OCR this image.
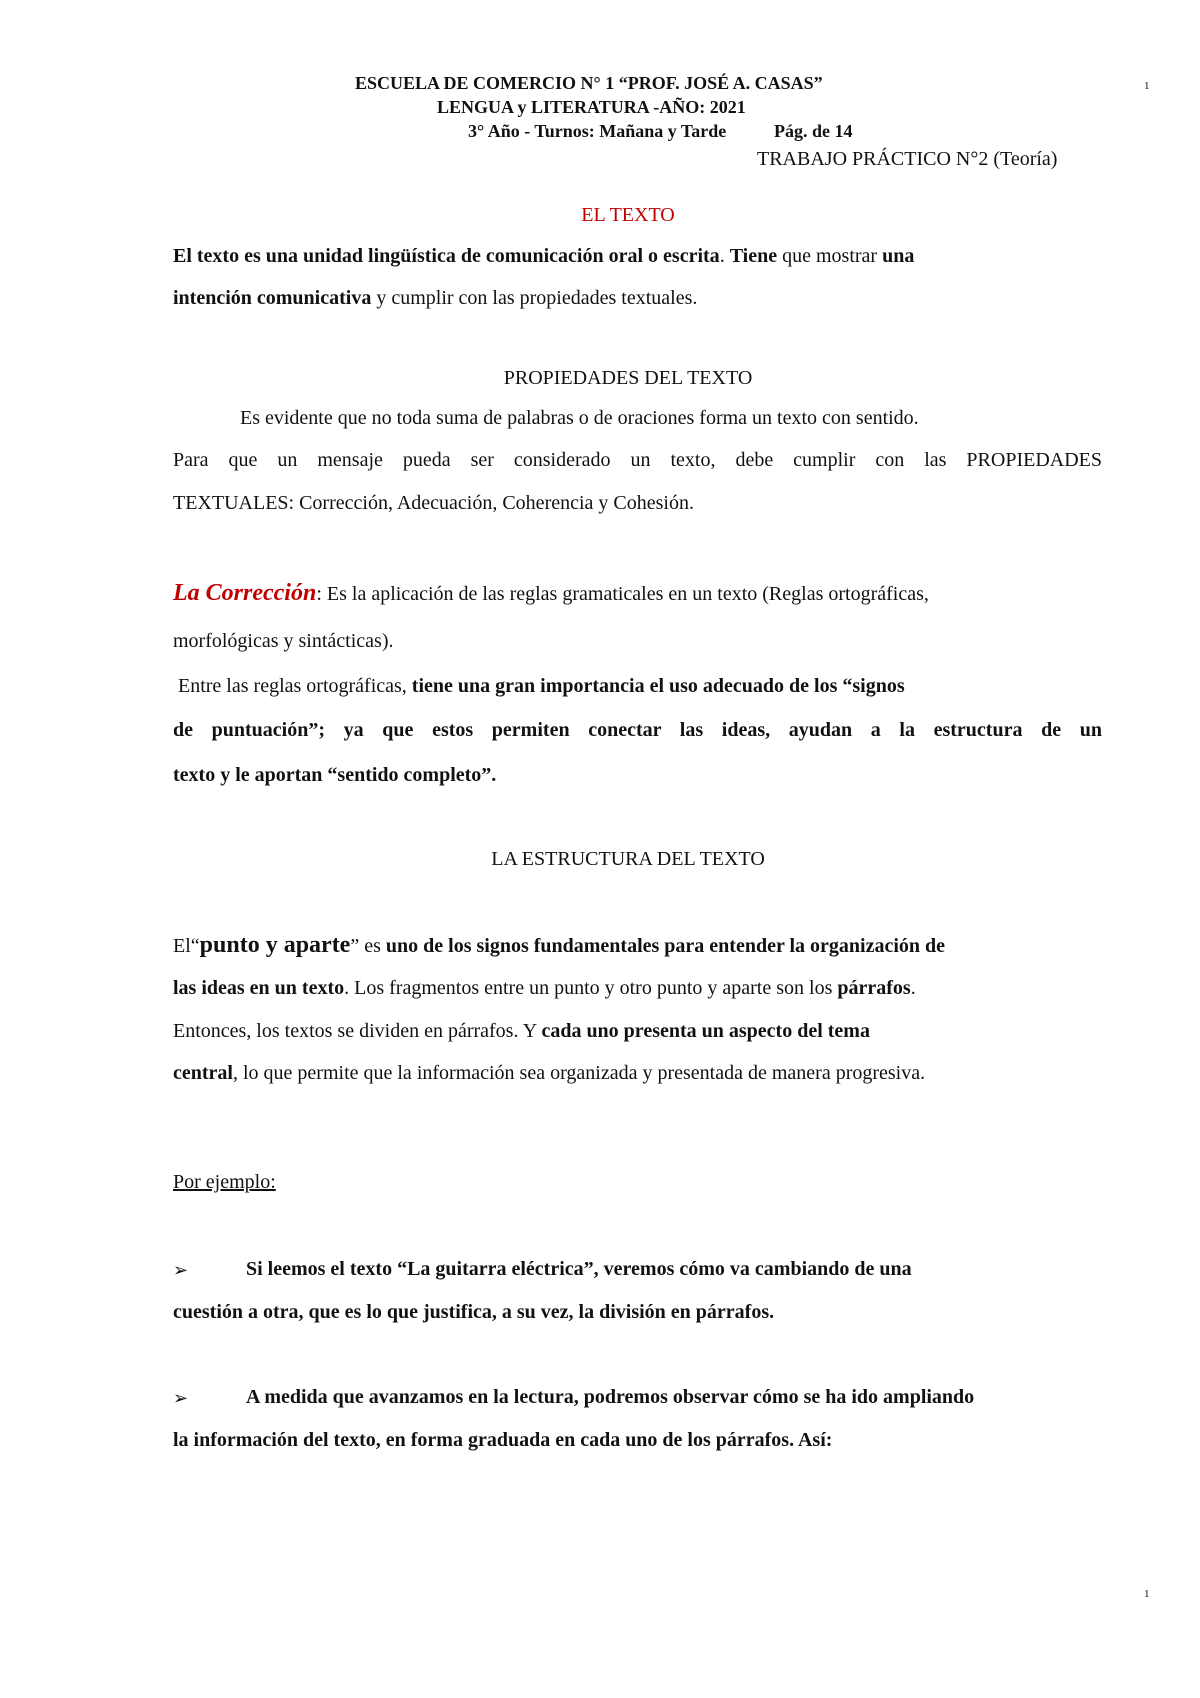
ESCUELA DE COMERCIO N° 1 “PROF. JOSÉ A. CASAS”	1
LENGUA y LITERATURA -AÑO: 2021
3° Año - Turnos: Mañana y Tarde	Pág. de 14
TRABAJO PRÁCTICO N°2 (Teoría)
EL TEXTO
El texto es una unidad lingüística de comunicación oral o escrita. Tiene que mostrar una
intención comunicativa y cumplir con las propiedades textuales.
PROPIEDADES DEL TEXTO
Es evidente que no toda suma de palabras o de oraciones forma un texto con sentido.
Para que un mensaje pueda ser considerado un texto, debe cumplir con las PROPIEDADES
TEXTUALES: Corrección, Adecuación, Coherencia y Cohesión.
La Corrección: Es la aplicación de las reglas gramaticales en un texto (Reglas ortográficas,
morfológicas y sintácticas).
Entre las reglas ortográficas, tiene una gran importancia el uso adecuado de los “signos
de puntuación”; ya que estos permiten conectar las ideas, ayudan a la estructura de un
texto y le aportan “sentido completo”.
LA ESTRUCTURA DEL TEXTO
El“punto y aparte” es uno de los signos fundamentales para entender la organización de
las ideas en un texto. Los fragmentos entre un punto y otro punto y aparte son los párrafos.
Entonces, los textos se dividen en párrafos. Y cada uno presenta un aspecto del tema
central, lo que permite que la información sea organizada y presentada de manera progresiva.
Por ejemplo:
➢	Si leemos el texto “La guitarra eléctrica”, veremos cómo va cambiando de una
cuestión a otra, que es lo que justifica, a su vez, la división en párrafos.
➢	A medida que avanzamos en la lectura, podremos observar cómo se ha ido ampliando
la información del texto, en forma graduada en cada uno de los párrafos. Así:
1
